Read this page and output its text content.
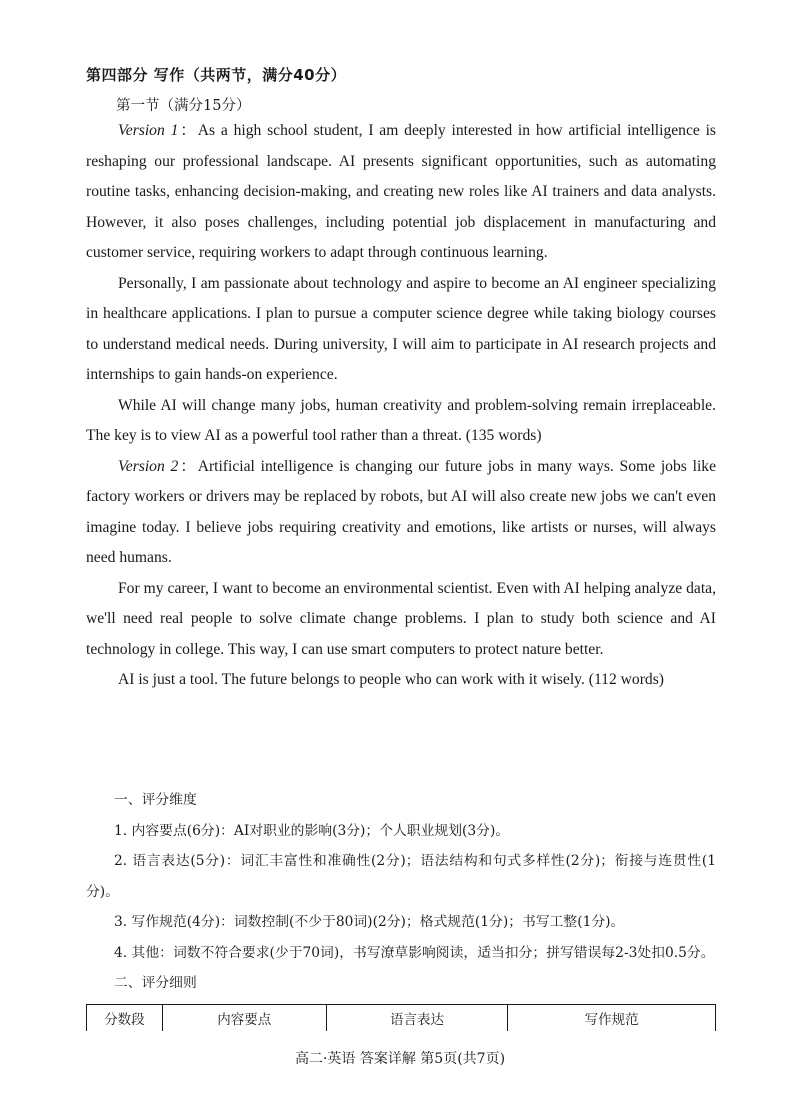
第四部分 写作（共两节，满分40分）
第一节（满分15分）

Version 1：As a high school student, I am deeply interested in how artificial intelligence is reshaping our professional landscape. AI presents significant opportunities, such as automating routine tasks, enhancing decision-making, and creating new roles like AI trainers and data analysts. However, it also poses challenges, including potential job displacement in manufacturing and customer service, requiring workers to adapt through continuous learning.

Personally, I am passionate about technology and aspire to become an AI engineer specializing in healthcare applications. I plan to pursue a computer science degree while taking biology courses to understand medical needs. During university, I will aim to participate in AI research projects and internships to gain hands-on experience.

While AI will change many jobs, human creativity and problem-solving remain irreplaceable. The key is to view AI as a powerful tool rather than a threat. (135 words)

Version 2：Artificial intelligence is changing our future jobs in many ways. Some jobs like factory workers or drivers may be replaced by robots, but AI will also create new jobs we can't even imagine today. I believe jobs requiring creativity and emotions, like artists or nurses, will always need humans.

For my career, I want to become an environmental scientist. Even with AI helping analyze data, we'll need real people to solve climate change problems. I plan to study both science and AI technology in college. This way, I can use smart computers to protect nature better.

AI is just a tool. The future belongs to people who can work with it wisely. (112 words)

一、评分维度

1. 内容要点(6分)：AI对职业的影响(3分)；个人职业规划(3分)。

2. 语言表达(5分)：词汇丰富性和准确性(2分)；语法结构和句式多样性(2分)；衔接与连贯性(1分)。

3. 写作规范(4分)：词数控制(不少于80词)(2分)；格式规范(1分)；书写工整(1分)。

4. 其他：词数不符合要求(少于70词)，书写潦草影响阅读，适当扣分；拼写错误每2-3处扣0.5分。

二、评分细则

分数段	内容要点	语言表达	写作规范
高二·英语 答案详解 第5页(共7页)
